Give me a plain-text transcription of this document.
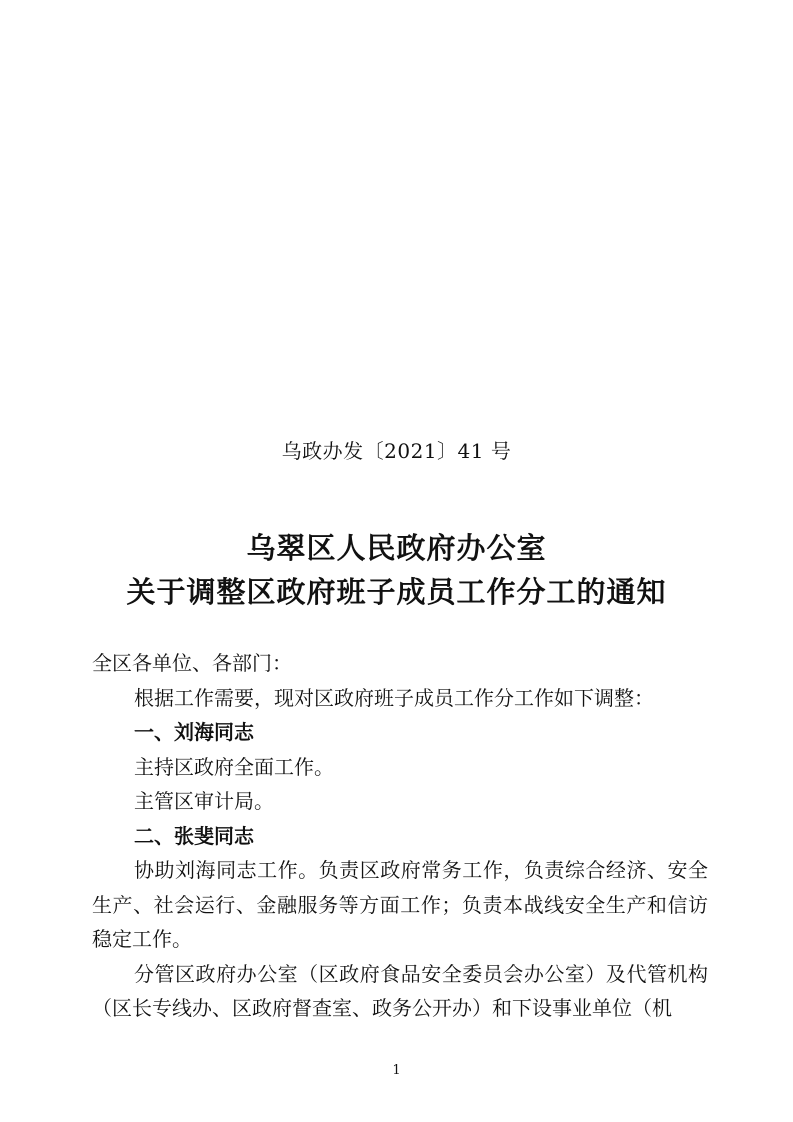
乌政办发〔2021〕41 号
乌翠区人民政府办公室
关于调整区政府班子成员工作分工的通知

全区各单位、各部门：

根据工作需要，现对区政府班子成员工作分工作如下调整：

一、刘海同志

主持区政府全面工作。

主管区审计局。

二、张斐同志

协助刘海同志工作。负责区政府常务工作，负责综合经济、安全生产、社会运行、金融服务等方面工作；负责本战线安全生产和信访稳定工作。

分管区政府办公室（区政府食品安全委员会办公室）及代管机构（区长专线办、区政府督查室、政务公开办）和下设事业单位（机

1
